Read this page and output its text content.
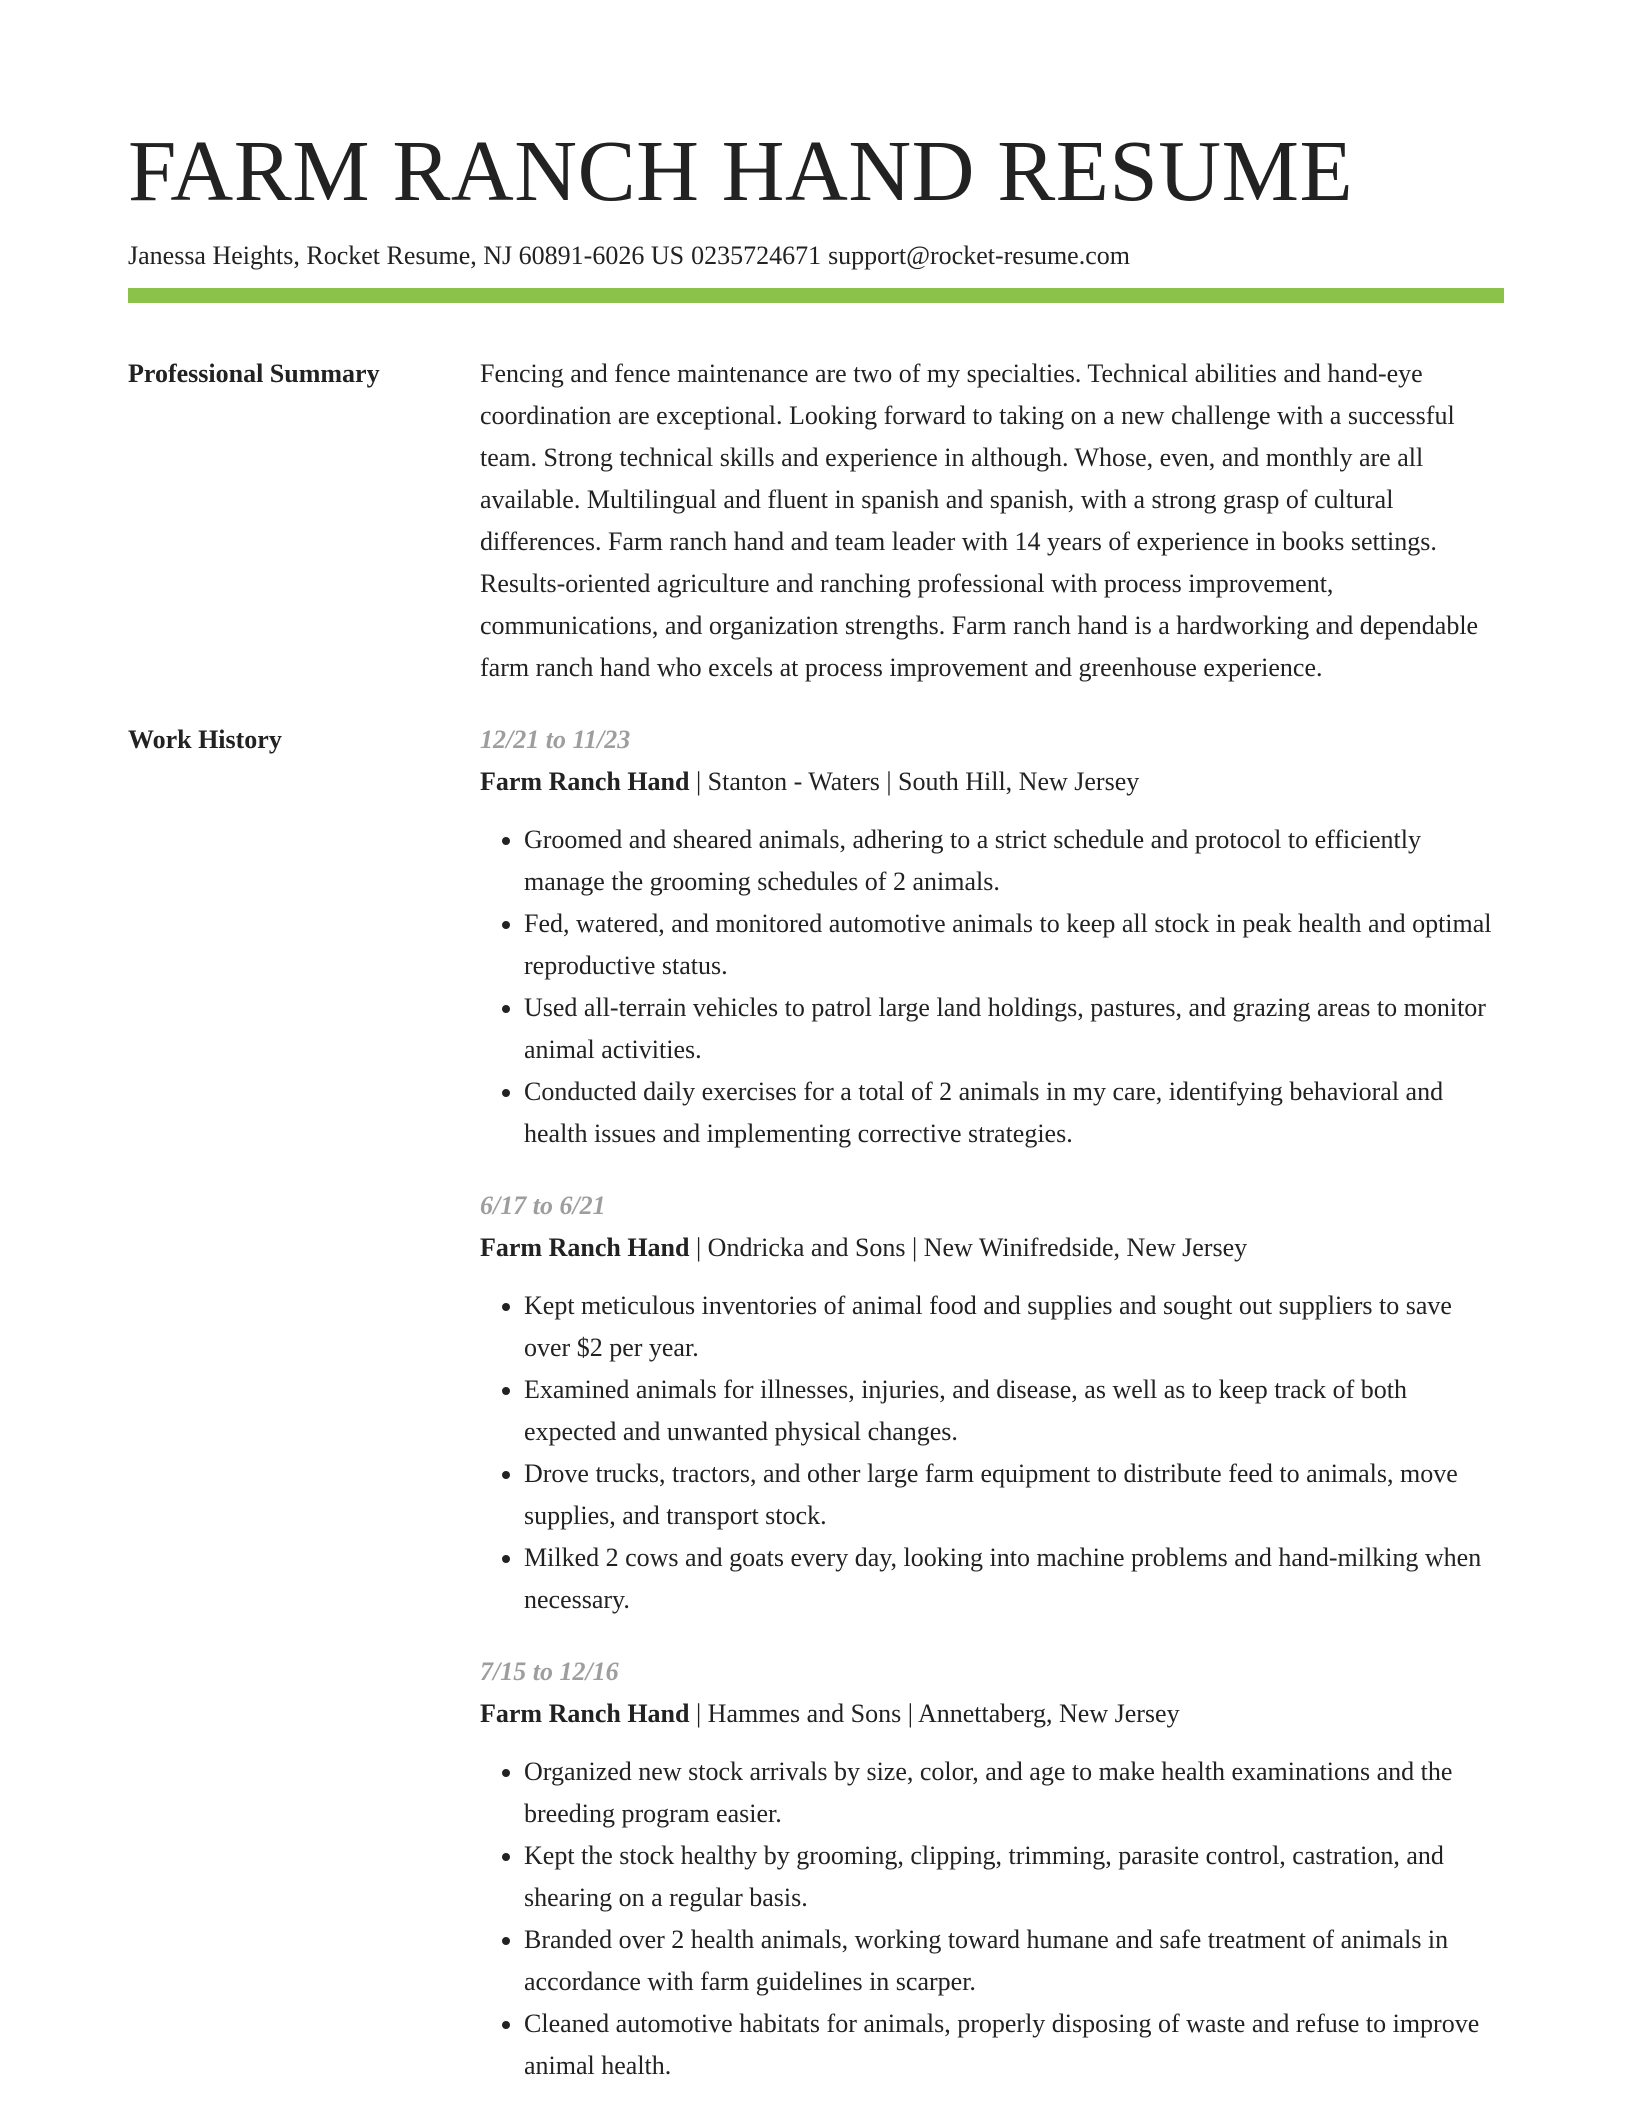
FARM RANCH HAND RESUME
Janessa Heights, Rocket Resume, NJ 60891-6026 US 0235724671 support@rocket-resume.com
Professional Summary	Fencing and fence maintenance are two of my specialties. Technical abilities and hand-eye coordination are exceptional. Looking forward to taking on a new challenge with a successful team. Strong technical skills and experience in although. Whose, even, and monthly are all available. Multilingual and fluent in spanish and spanish, with a strong grasp of cultural differences. Farm ranch hand and team leader with 14 years of experience in books settings. Results-oriented agriculture and ranching professional with process improvement, communications, and organization strengths. Farm ranch hand is a hardworking and dependable farm ranch hand who excels at process improvement and greenhouse experience.

Work History	12/21 to 11/23
Farm Ranch Hand | Stanton - Waters | South Hill, New Jersey
• Groomed and sheared animals, adhering to a strict schedule and protocol to efficiently manage the grooming schedules of 2 animals.
• Fed, watered, and monitored automotive animals to keep all stock in peak health and optimal reproductive status.
• Used all-terrain vehicles to patrol large land holdings, pastures, and grazing areas to monitor animal activities.
• Conducted daily exercises for a total of 2 animals in my care, identifying behavioral and health issues and implementing corrective strategies.
6/17 to 6/21
Farm Ranch Hand | Ondricka and Sons | New Winifredside, New Jersey
• Kept meticulous inventories of animal food and supplies and sought out suppliers to save over $2 per year.
• Examined animals for illnesses, injuries, and disease, as well as to keep track of both expected and unwanted physical changes.
• Drove trucks, tractors, and other large farm equipment to distribute feed to animals, move supplies, and transport stock.
• Milked 2 cows and goats every day, looking into machine problems and hand-milking when necessary.
7/15 to 12/16
Farm Ranch Hand | Hammes and Sons | Annettaberg, New Jersey
• Organized new stock arrivals by size, color, and age to make health examinations and the breeding program easier.
• Kept the stock healthy by grooming, clipping, trimming, parasite control, castration, and shearing on a regular basis.
• Branded over 2 health animals, working toward humane and safe treatment of animals in accordance with farm guidelines in scarper.
• Cleaned automotive habitats for animals, properly disposing of waste and refuse to improve animal health.
